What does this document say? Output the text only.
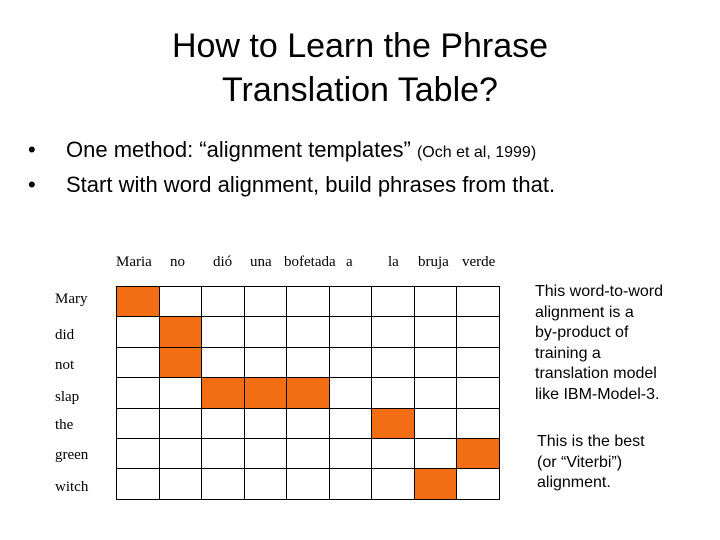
How to Learn the Phrase
Translation Table?
• One method: “alignment templates” (Och et al, 1999)
• Start with word alignment, build phrases from that.
Maria no dió una bofetada a la bruja verde
Mary
did
not
slap
the
green
witch
This word-to-word
alignment is a
by-product of
training a
translation model
like IBM-Model-3.
This is the best
(or “Viterbi”)
alignment.
